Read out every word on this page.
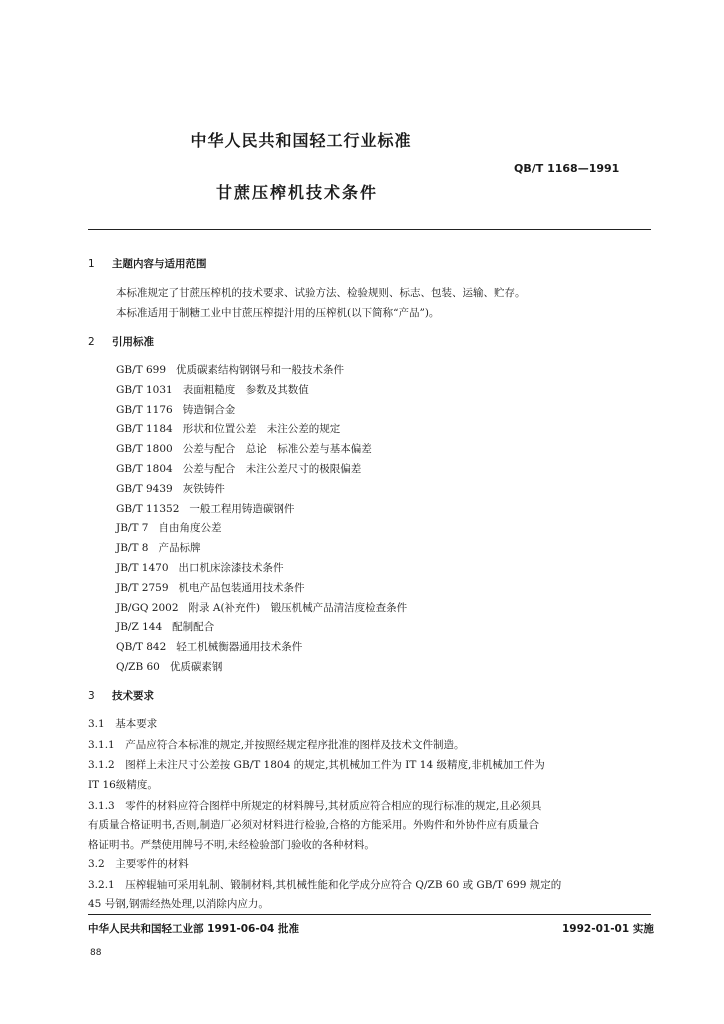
中华人民共和国轻工行业标准
QB/T 1168—1991
甘蔗压榨机技术条件
1 主题内容与适用范围
本标准规定了甘蔗压榨机的技术要求、试验方法、检验规则、标志、包装、运输、贮存。
本标准适用于制糖工业中甘蔗压榨提汁用的压榨机(以下简称“产品”)。
2 引用标准
GB/T 699 优质碳素结构钢钢号和一般技术条件
GB/T 1031 表面粗糙度　参数及其数值
GB/T 1176 铸造铜合金
GB/T 1184 形状和位置公差　未注公差的规定
GB/T 1800 公差与配合　总论　标准公差与基本偏差
GB/T 1804 公差与配合　未注公差尺寸的极限偏差
GB/T 9439 灰铁铸件
GB/T 11352 一般工程用铸造碳钢件
JB/T 7 自由角度公差
JB/T 8 产品标牌
JB/T 1470 出口机床涂漆技术条件
JB/T 2759 机电产品包装通用技术条件
JB/GQ 2002 附录 A(补充件)　锻压机械产品清洁度检查条件
JB/Z 144 配制配合
QB/T 842 轻工机械衡器通用技术条件
Q/ZB 60 优质碳素钢
3 技术要求
3.1　基本要求
3.1.1　产品应符合本标准的规定,并按照经规定程序批准的图样及技术文件制造。
3.1.2　图样上未注尺寸公差按 GB/T 1804 的规定,其机械加工件为 IT 14 级精度,非机械加工件为
IT 16级精度。
3.1.3　零件的材料应符合图样中所规定的材料牌号,其材质应符合相应的现行标准的规定,且必须具
有质量合格证明书,否则,制造厂必须对材料进行检验,合格的方能采用。外购件和外协件应有质量合
格证明书。严禁使用牌号不明,未经检验部门验收的各种材料。
3.2　主要零件的材料
3.2.1　压榨辊轴可采用轧制、锻制材料,其机械性能和化学成分应符合 Q/ZB 60 或 GB/T 699 规定的
45 号钢,钢需经热处理,以消除内应力。
中华人民共和国轻工业部 1991-06-04 批准	1992-01-01 实施
88
